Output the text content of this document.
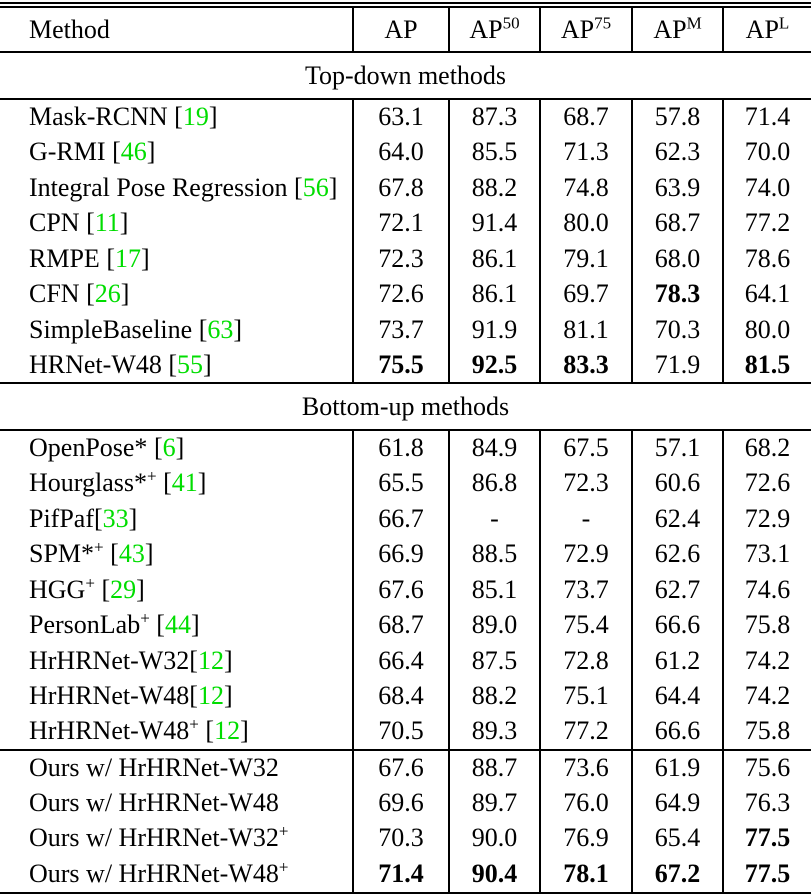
Method	AP	AP$^{50}$	AP$^{75}$	$AP^M$	$AP^L$
Top-down methods					
Mask-RCNN [19]	63.1	87.3	68.7	57.8	71.4
G-RMI [46]	64.0	85.5	71.3	62.3	70.0
Integral Pose Regression [56]	67.8	88.2	74.8	63.9	74.0
CPN [11]	72.1	91.4	80.0	68.7	77.2
RMPE [17]	72.3	86.1	79.1	68.0	78.6
CFN [26]	72.6	86.1	69.7	78.3	64.1
SimpleBaseline [63]	73.7	91.9	81.1	70.3	80.0
HRNet-W48 [55]	75.5	92.5	83.3	71.9	81.5
Bottom-up methods					
OpenPose* [6]	61.8	84.9	67.5	57.1	68.2
Hourglass*+ [41]	65.5	86.8	72.3	60.6	72.6
PifPaf[33]	66.7	-	-	62.4	72.9
SPM*+ [43]	66.9	88.5	72.9	62.6	73.1
HGG+ [29]	67.6	85.1	73.7	62.7	74.6
PersonLab+ [44]	68.7	89.0	75.4	66.6	75.8
HrHRNet-W32[12]	66.4	87.5	72.8	61.2	74.2
HrHRNet-W48[12]	68.4	88.2	75.1	64.4	74.2
HrHRNet-W48+ [12]	70.5	89.3	77.2	66.6	75.8
Ours w/ HrHRNet-W32	67.6	88.7	73.6	61.9	75.6
Ours w/ HrHRNet-W48	69.6	89.7	76.0	64.9	76.3
Ours w/ HrHRNet-W32+	70.3	90.0	76.9	65.4	77.5
Ours w/ HrHRNet-W48+	71.4	90.4	78.1	67.2	77.5
